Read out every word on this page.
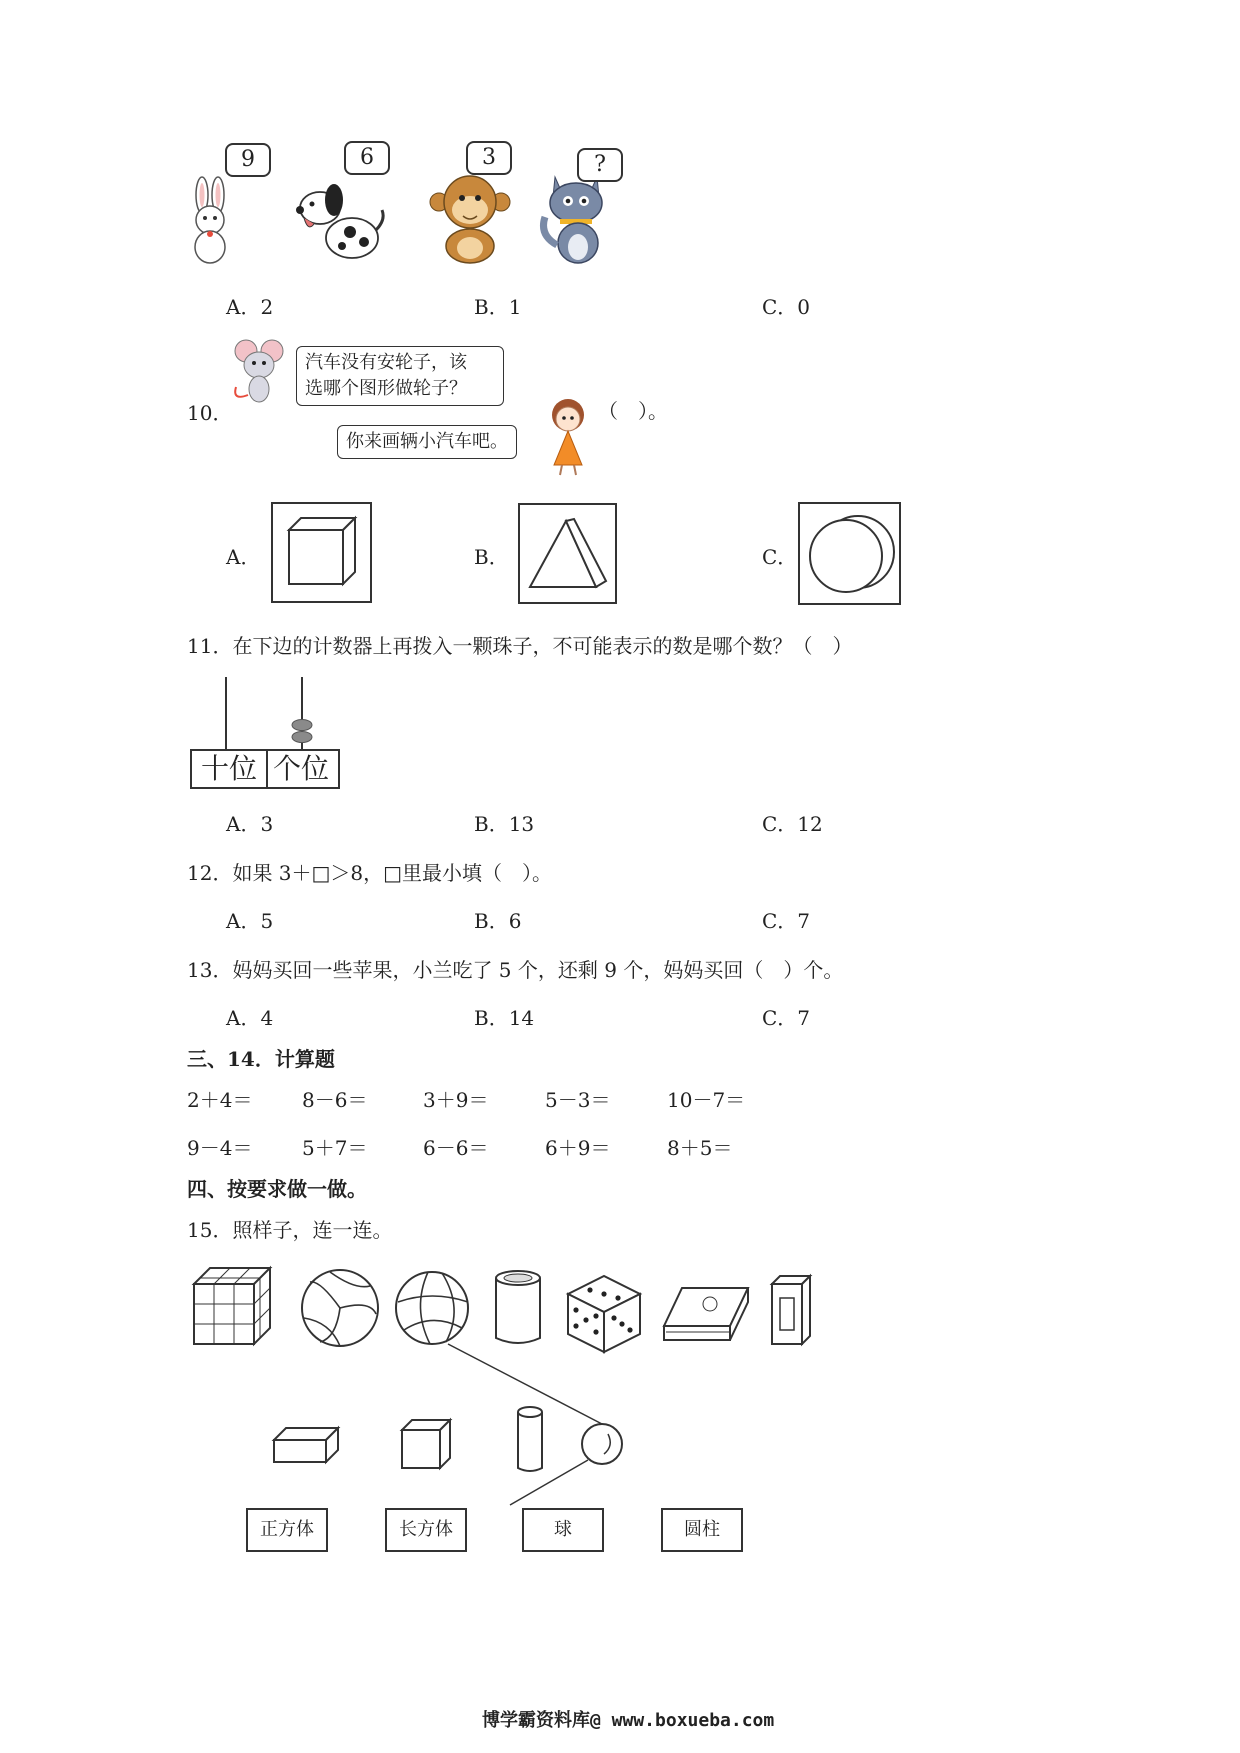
9	6	3	?
A．2	B．1	C．0
汽车没有安轮子，该
选哪个图形做轮子？
10．
你来画辆小汽车吧。
（　）。
A．	B．	C．
11．在下边的计数器上再拨入一颗珠子，不可能表示的数是哪个数？（　）
十位 个位
A．3	B．13	C．12
12．如果 3＋□＞8，□里最小填（　）。
A．5	B．6	C．7
13．妈妈买回一些苹果，小兰吃了 5 个，还剩 9 个，妈妈买回（　）个。
A．4	B．14	C．7
三、14．计算题
2＋4＝ 8－6＝	3＋9＝	5－3＝	10－7＝
9－4＝ 5＋7＝	6－6＝	6＋9＝	8＋5＝
四、按要求做一做。
15．照样子，连一连。
正方体	长方体	球	圆柱
博学霸资料库@ www.boxueba.com
